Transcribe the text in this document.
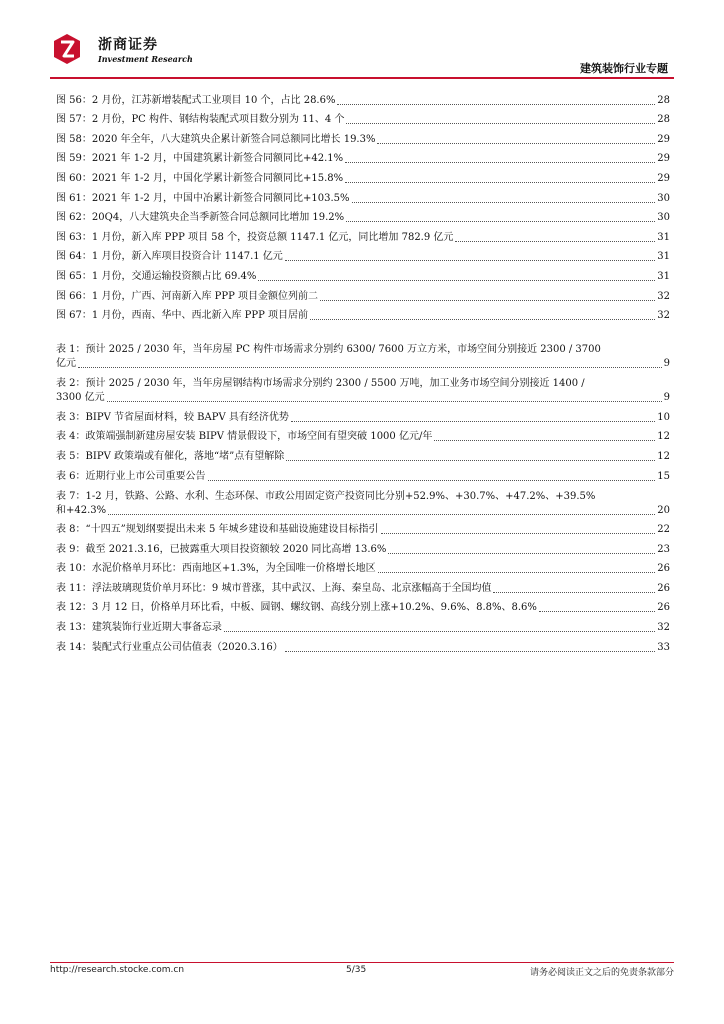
浙商证券
Investment Research
建筑装饰行业专题
图 56：2 月份，江苏新增装配式工业项目 10 个，占比 28.6%	28
图 57：2 月份，PC 构件、钢结构装配式项目数分别为 11、4 个	28
图 58：2020 年全年，八大建筑央企累计新签合同总额同比增长 19.3%	29
图 59：2021 年 1-2 月，中国建筑累计新签合同额同比+42.1%	29
图 60：2021 年 1-2 月，中国化学累计新签合同额同比+15.8%	29
图 61：2021 年 1-2 月，中国中冶累计新签合同额同比+103.5%	30
图 62：20Q4，八大建筑央企当季新签合同总额同比增加 19.2%	30
图 63：1 月份，新入库 PPP 项目 58 个，投资总额 1147.1 亿元，同比增加 782.9 亿元	31
图 64：1 月份，新入库项目投资合计 1147.1 亿元	31
图 65：1 月份，交通运输投资额占比 69.4%	31
图 66：1 月份，广西、河南新入库 PPP 项目金额位列前二	32
图 67：1 月份，西南、华中、西北新入库 PPP 项目居前	32
表 1：预计 2025 / 2030 年，当年房屋 PC 构件市场需求分别约 6300/ 7600 万立方米，市场空间分别接近 2300 / 3700
亿元	9
表 2：预计 2025 / 2030 年，当年房屋钢结构市场需求分别约 2300 / 5500 万吨，加工业务市场空间分别接近 1400 /
3300 亿元	9
表 3：BIPV 节省屋面材料，较 BAPV 具有经济优势	10
表 4：政策端强制新建房屋安装 BIPV 情景假设下，市场空间有望突破 1000 亿元/年	12
表 5：BIPV 政策端或有催化，落地“堵”点有望解除	12
表 6：近期行业上市公司重要公告	15
表 7：1-2 月，铁路、公路、水利、生态环保、市政公用固定资产投资同比分别+52.9%、+30.7%、+47.2%、+39.5%
和+42.3%	20
表 8：“十四五”规划纲要提出未来 5 年城乡建设和基础设施建设目标指引	22
表 9：截至 2021.3.16，已披露重大项目投资额较 2020 同比高增 13.6%	23
表 10：水泥价格单月环比：西南地区+1.3%，为全国唯一价格增长地区	26
表 11：浮法玻璃现货价单月环比：9 城市普涨，其中武汉、上海、秦皇岛、北京涨幅高于全国均值	26
表 12：3 月 12 日，价格单月环比看，中板、圆钢、螺纹钢、高线分别上涨+10.2%、9.6%、8.8%、8.6%	26
表 13：建筑装饰行业近期大事备忘录	32
表 14：装配式行业重点公司估值表（2020.3.16）	33
http://research.stocke.com.cn	5/35	请务必阅读正文之后的免责条款部分
